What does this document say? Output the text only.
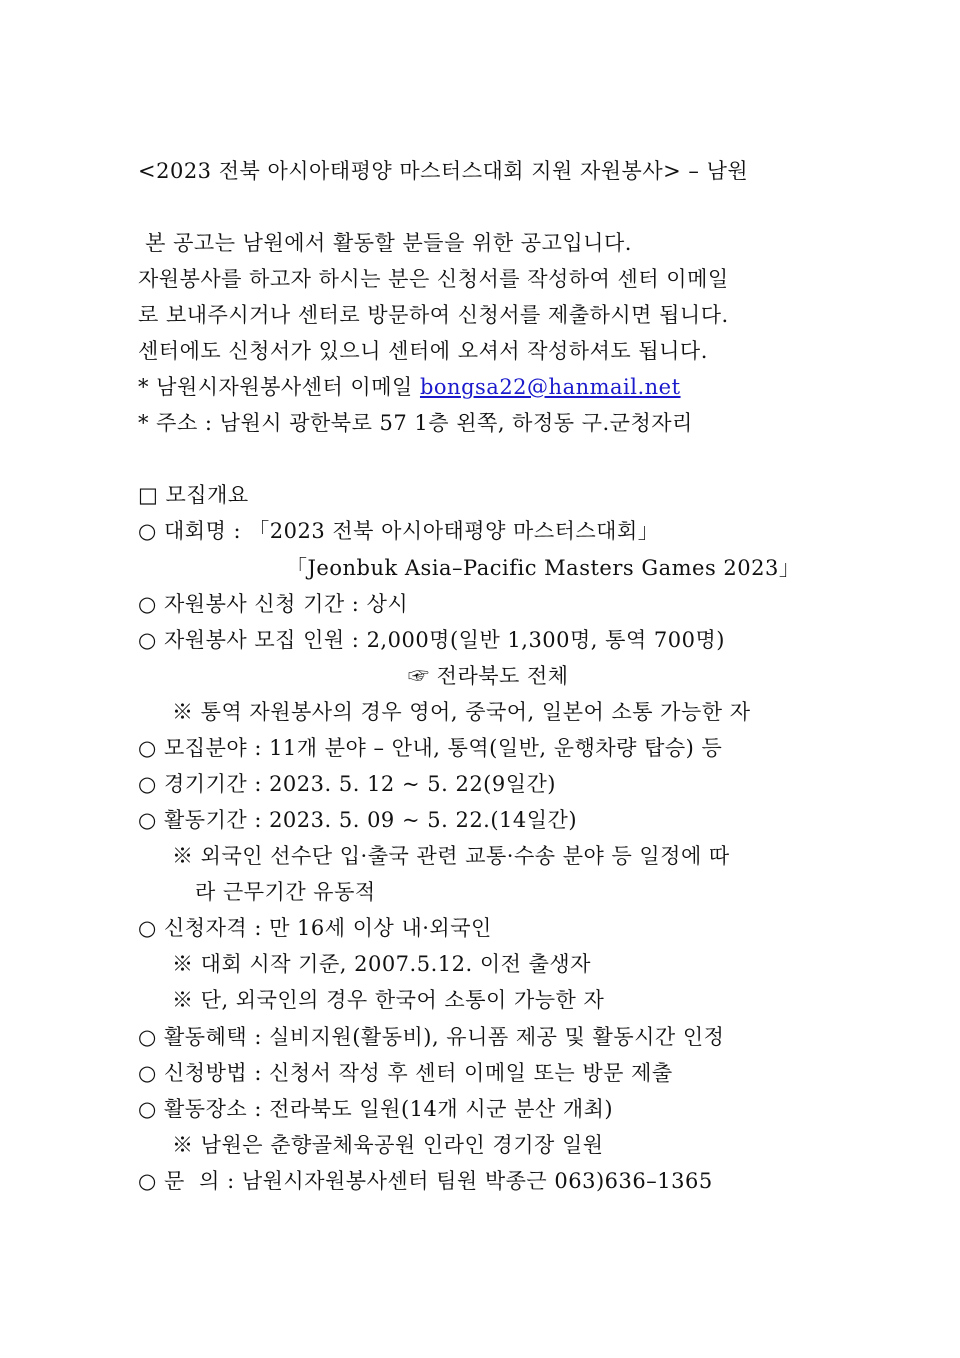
<2023 전북 아시아태평양 마스터스대회 지원 자원봉사> – 남원
본 공고는 남원에서 활동할 분들을 위한 공고입니다.
자원봉사를 하고자 하시는 분은 신청서를 작성하여 센터 이메일
로 보내주시거나 센터로 방문하여 신청서를 제출하시면 됩니다.
센터에도 신청서가 있으니 센터에 오셔서 작성하셔도 됩니다.
* 남원시자원봉사센터 이메일 bongsa22@hanmail.net
* 주소 : 남원시 광한북로 57 1층 왼쪽, 하정동 구.군청자리
□ 모집개요
○ 대회명 : 「2023 전북 아시아태평양 마스터스대회」
「Jeonbuk Asia–Pacific Masters Games 2023」
○ 자원봉사 신청 기간 : 상시
○ 자원봉사 모집 인원 : 2,000명(일반 1,300명, 통역 700명)
☞ 전라북도 전체
※ 통역 자원봉사의 경우 영어, 중국어, 일본어 소통 가능한 자
○ 모집분야 : 11개 분야 – 안내, 통역(일반, 운행차량 탑승) 등
○ 경기기간 : 2023. 5. 12 ~ 5. 22(9일간)
○ 활동기간 : 2023. 5. 09 ~ 5. 22.(14일간)
※ 외국인 선수단 입·출국 관련 교통·수송 분야 등 일정에 따
라 근무기간 유동적
○ 신청자격 : 만 16세 이상 내·외국인
※ 대회 시작 기준, 2007.5.12. 이전 출생자
※ 단, 외국인의 경우 한국어 소통이 가능한 자
○ 활동혜택 : 실비지원(활동비), 유니폼 제공 및 활동시간 인정
○ 신청방법 : 신청서 작성 후 센터 이메일 또는 방문 제출
○ 활동장소 : 전라북도 일원(14개 시군 분산 개최)
※ 남원은 춘향골체육공원 인라인 경기장 일원
○ 문  의 : 남원시자원봉사센터 팀원 박종근 063)636–1365
